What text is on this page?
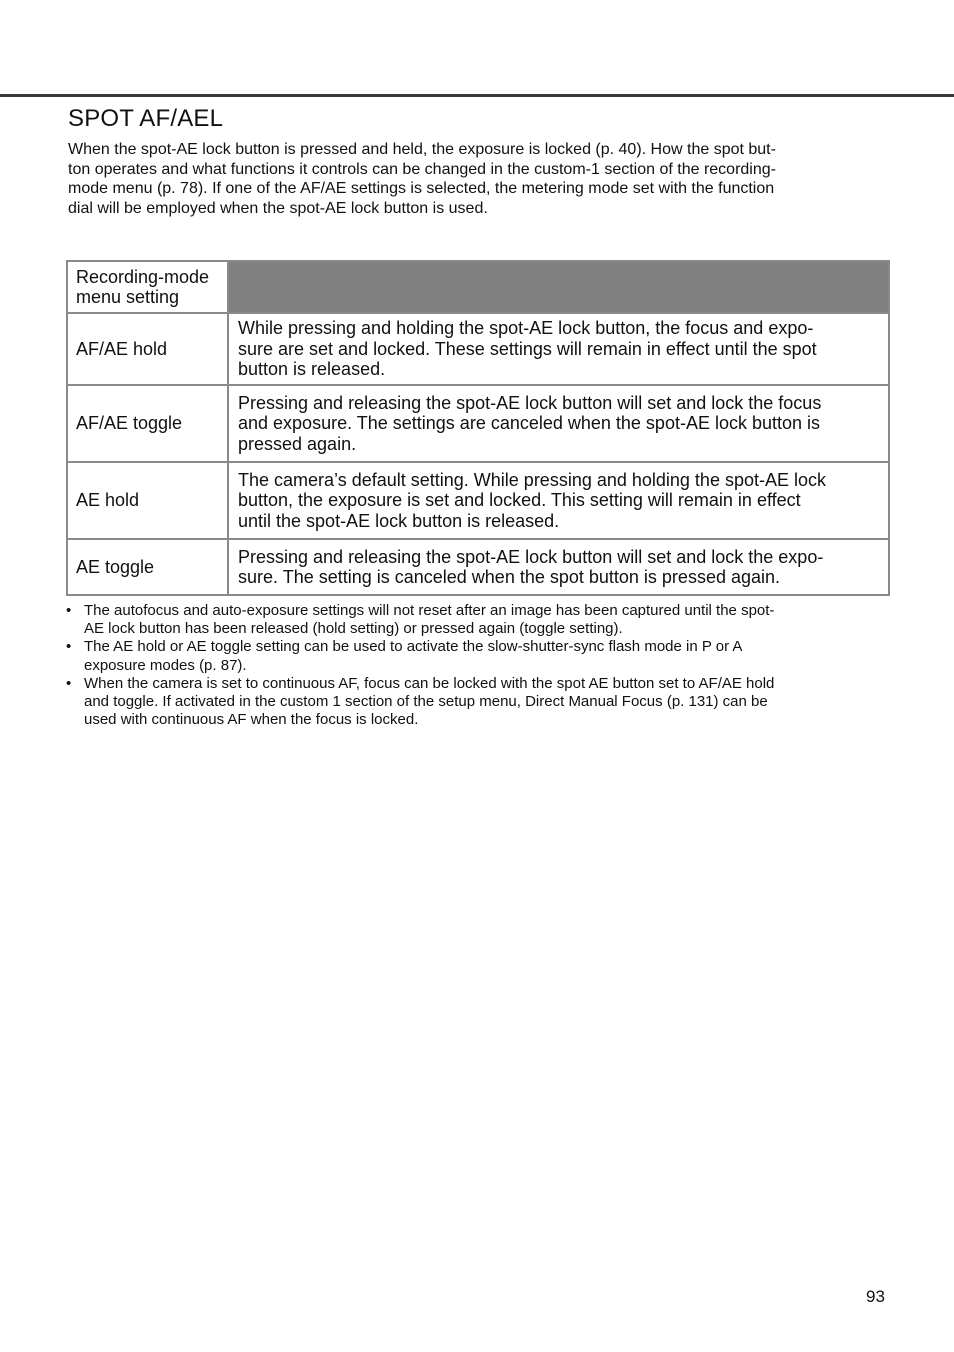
SPOT AF/AEL

When the spot-AE lock button is pressed and held, the exposure is locked (p. 40). How the spot but-
ton operates and what functions it controls can be changed in the custom-1 section of the recording-
mode menu (p. 78). If one of the AF/AE settings is selected, the metering mode set with the function
dial will be employed when the spot-AE lock button is used.

Recording-mode
menu setting	

AF/AE hold	While pressing and holding the spot-AE lock button, the focus and expo-
sure are set and locked. These settings will remain in effect until the spot
button is released.

AF/AE toggle	Pressing and releasing the spot-AE lock button will set and lock the focus
and exposure. The settings are canceled when the spot-AE lock button is
pressed again.

AE hold	The camera’s default setting. While pressing and holding the spot-AE lock
button, the exposure is set and locked. This setting will remain in effect
until the spot-AE lock button is released.

AE toggle	Pressing and releasing the spot-AE lock button will set and lock the expo-
sure. The setting is canceled when the spot button is pressed again.
• The autofocus and auto-exposure settings will not reset after an image has been captured until the spot-
AE lock button has been released (hold setting) or pressed again (toggle setting).
• The AE hold or AE toggle setting can be used to activate the slow-shutter-sync flash mode in P or A
exposure modes (p. 87).
• When the camera is set to continuous AF, focus can be locked with the spot AE button set to AF/AE hold
and toggle. If activated in the custom 1 section of the setup menu, Direct Manual Focus (p. 131) can be
used with continuous AF when the focus is locked.
93
